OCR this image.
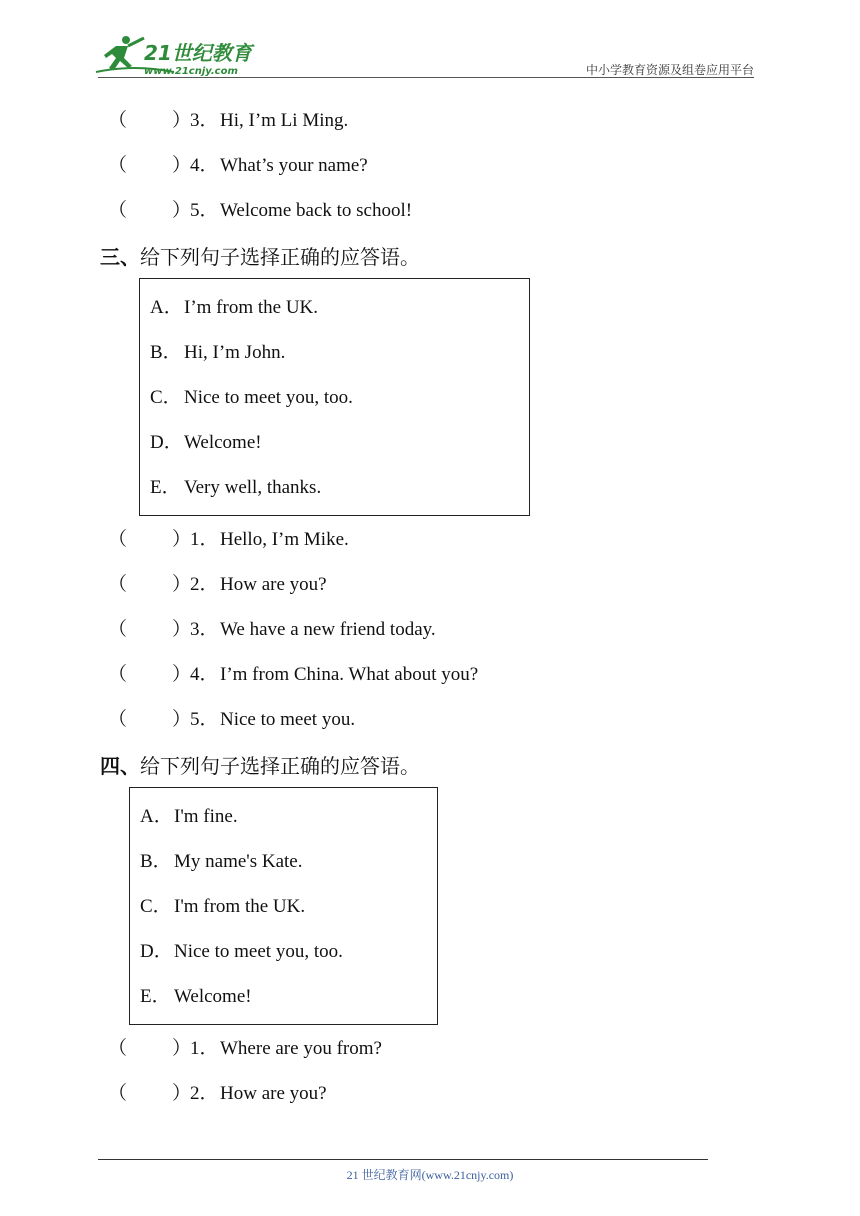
21世纪教育
www.21cnjy.com	中小学教育资源及组卷应用平台
（ ）
3． Hi, I’m Li Ming.
（ ）
4． What’s your name?
（ ）
5． Welcome back to school!
三、给下列句子选择正确的应答语。
A．I’m from the UK.
B． Hi, I’m John.
C． Nice to meet you, too.
D．Welcome!
E． Very well, thanks.
（ ）
1． Hello, I’m Mike.
（ ）
2． How are you?
（ ）
3． We have a new friend today.
（ ）
4． I’m from China. What about you?
（ ）
5． Nice to meet you.
四、给下列句子选择正确的应答语。
A．I'm fine.
B． My name's Kate.
C． I'm from the UK.
D．Nice to meet you, too.
E． Welcome!
（ ）
1． Where are you from?
（ ）
2． How are you?
21 世纪教育网(www.21cnjy.com)
